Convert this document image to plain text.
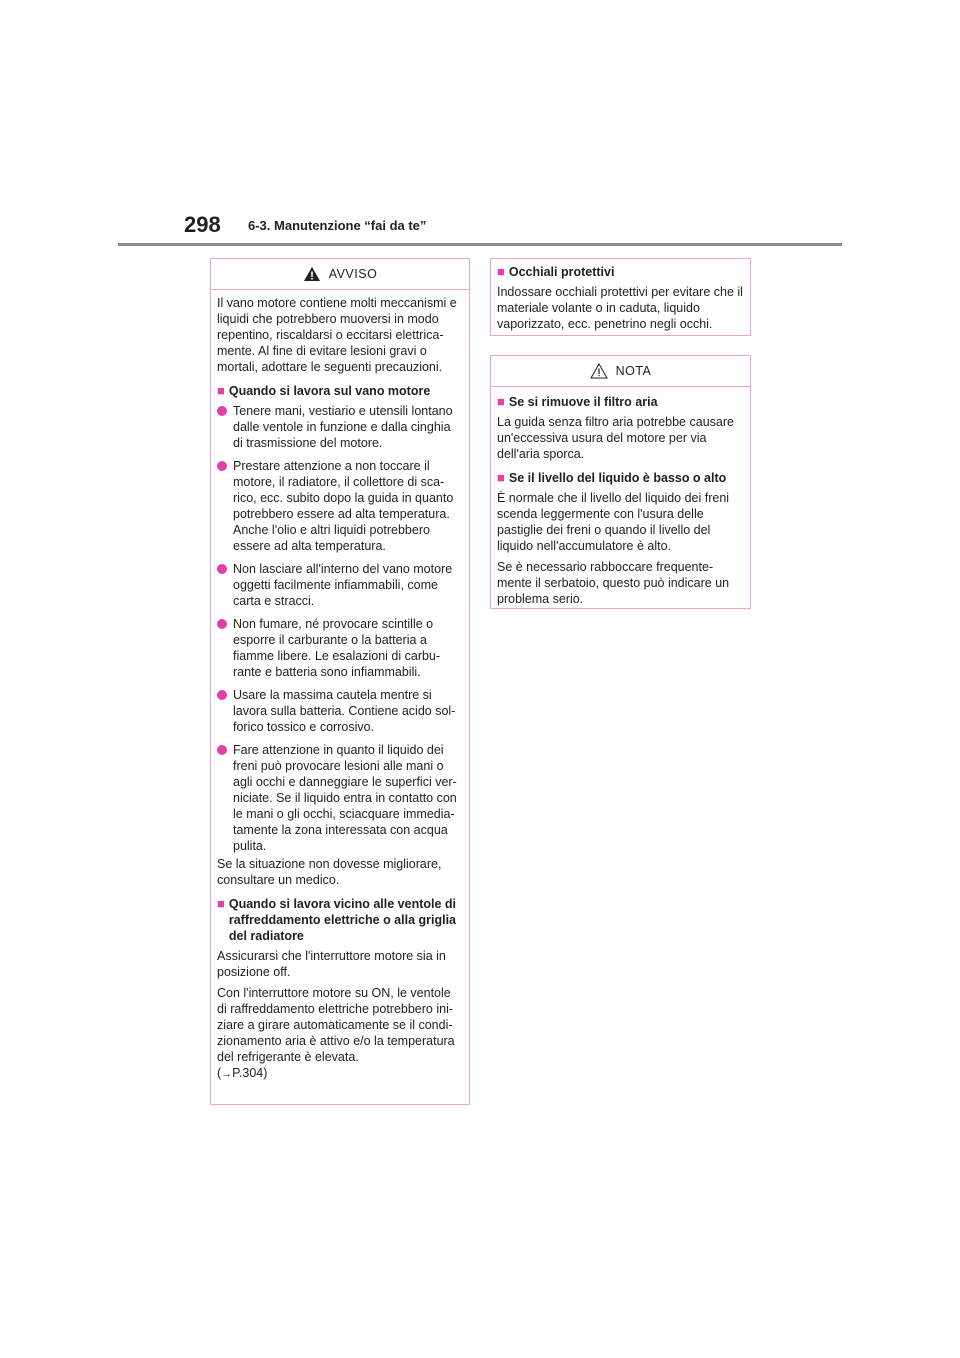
298 6-3. Manutenzione “fai da te”
AVVISO

Il vano motore contiene molti meccanismi e liquidi che potrebbero muoversi in modo repentino, riscaldarsi o eccitarsi elettrica-mente. Al fine di evitare lesioni gravi o mortali, adottare le seguenti precauzioni.

■ Quando si lavora sul vano motore
Tenere mani, vestiario e utensili lontano dalle ventole in funzione e dalla cinghia di trasmissione del motore.
Prestare attenzione a non toccare il motore, il radiatore, il collettore di sca-rico, ecc. subito dopo la guida in quanto potrebbero essere ad alta temperatura. Anche l'olio e altri liquidi potrebbero essere ad alta temperatura.
Non lasciare all'interno del vano motore oggetti facilmente infiammabili, come carta e stracci.
Non fumare, né provocare scintille o esporre il carburante o la batteria a fiamme libere. Le esalazioni di carbu-rante e batteria sono infiammabili.
Usare la massima cautela mentre si lavora sulla batteria. Contiene acido sol-forico tossico e corrosivo.
Fare attenzione in quanto il liquido dei freni può provocare lesioni alle mani o agli occhi e danneggiare le superfici ver-niciate. Se il liquido entra in contatto con le mani o gli occhi, sciacquare immedia-tamente la zona interessata con acqua pulita.

Se la situazione non dovesse migliorare, consultare un medico.

■ Quando si lavora vicino alle ventole di raffreddamento elettriche o alla griglia del radiatore

Assicurarsi che l'interruttore motore sia in posizione off.

Con l'interruttore motore su ON, le ventole di raffreddamento elettriche potrebbero ini-ziare a girare automaticamente se il condi-zionamento aria è attivo e/o la temperatura del refrigerante è elevata.
(→P.304)

■ Occhiali protettivi

Indossare occhiali protettivi per evitare che il materiale volante o in caduta, liquido vaporizzato, ecc. penetrino negli occhi.

NOTA
■ Se si rimuove il filtro aria

La guida senza filtro aria potrebbe causare un'eccessiva usura del motore per via dell'aria sporca.

■ Se il livello del liquido è basso o alto

È normale che il livello del liquido dei freni scenda leggermente con l'usura delle pastiglie dei freni o quando il livello del liquido nell'accumulatore è alto.

Se è necessario rabboccare frequente-mente il serbatoio, questo può indicare un problema serio.
